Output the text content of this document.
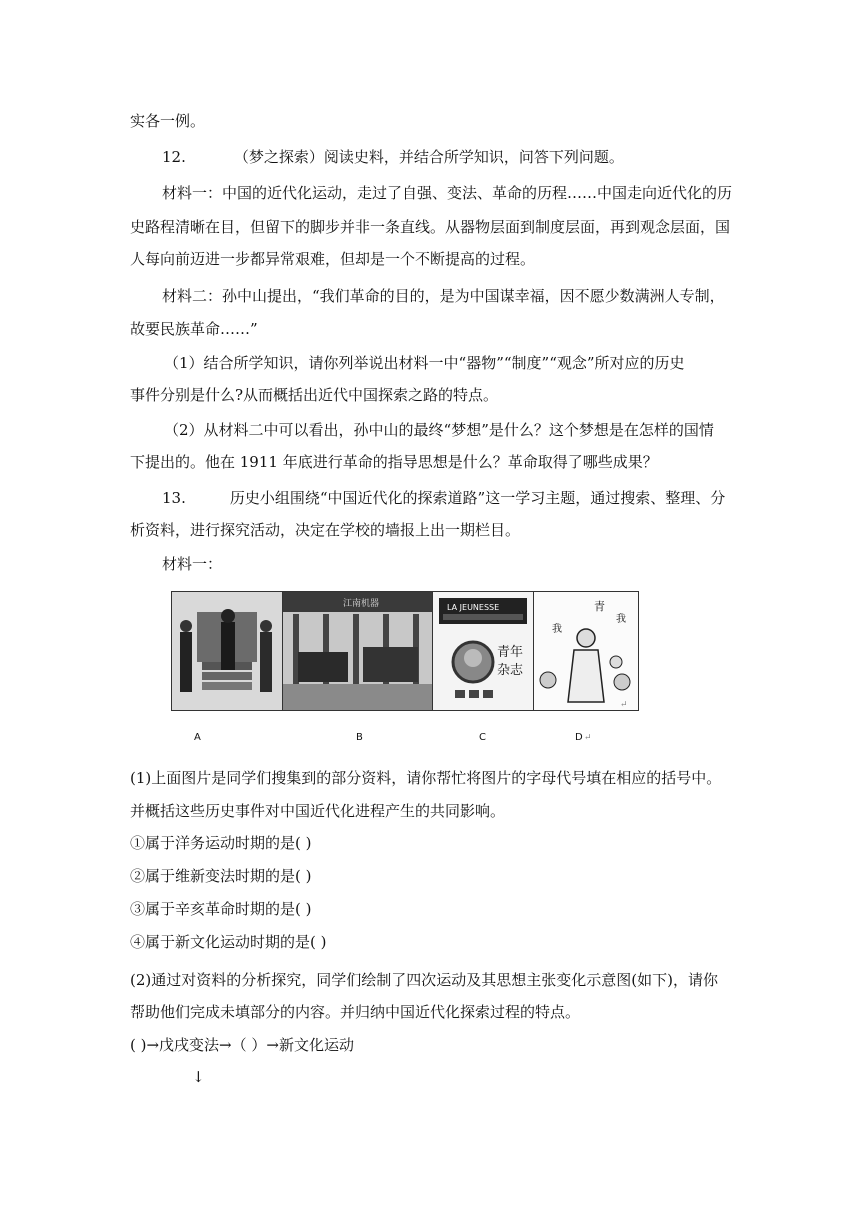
实各一例。
12.	（梦之探索）阅读史料，并结合所学知识，问答下列问题。
材料一：中国的近代化运动，走过了自强、变法、革命的历程……中国走向近代化的历
史路程清晰在目，但留下的脚步并非一条直线。从器物层面到制度层面，再到观念层面，国
人每向前迈进一步都异常艰难，但却是一个不断提高的过程。
材料二：孙中山提出，“我们革命的目的，是为中国谋幸福，因不愿少数满洲人专制，
故要民族革命……”
（1）结合所学知识，请你列举说出材料一中“器物”“制度”“观念”所对应的历史
事件分别是什么?从而概括出近代中国探索之路的特点。
（2）从材料二中可以看出，孙中山的最终“梦想”是什么？这个梦想是在怎样的国情
下提出的。他在 1911 年底进行革命的指导思想是什么？革命取得了哪些成果？
13.	历史小组围绕“中国近代化的探索道路”这一学习主题，通过搜索、整理、分
析资料，进行探究活动，决定在学校的墙报上出一期栏目。
材料一：
江南机器	LA JEUNESSE
青年
杂志
青
我
我
↵
A	B	C	D ↵
(1)上面图片是同学们搜集到的部分资料，请你帮忙将图片的字母代号填在相应的括号中。
并概括这些历史事件对中国近代化进程产生的共同影响。
①属于洋务运动时期的是( )
②属于维新变法时期的是( )
③属于辛亥革命时期的是( )
④属于新文化运动时期的是( )
(2)通过对资料的分析探究，同学们绘制了四次运动及其思想主张变化示意图(如下)，请你
帮助他们完成未填部分的内容。并归纳中国近代化探索过程的特点。
( )→戊戌变法→（ ）→新文化运动
↓
